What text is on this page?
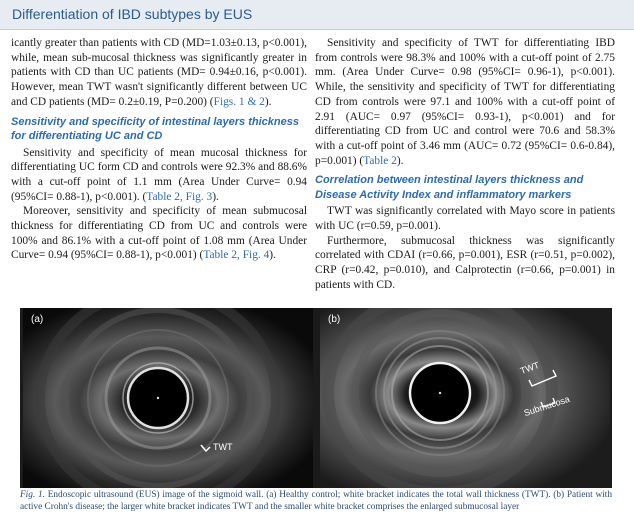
Differentiation of IBD subtypes by EUS

icantly greater than patients with CD (MD=1.03±0.13, p<0.001), while, mean sub-mucosal thickness was significantly greater in patients with CD than UC patients (MD= 0.94±0.16, p<0.001). However, mean TWT wasn't significantly different between UC and CD patients (MD= 0.2±0.19, P=0.200) (Figs. 1 & 2).

Sensitivity and specificity of intestinal layers thickness for differentiating UC and CD

Sensitivity and specificity of mean mucosal thickness for differentiating UC form CD and controls were 92.3% and 88.6% with a cut-off point of 1.1 mm (Area Under Curve= 0.94 (95%CI= 0.88-1), p<0.001). (Table 2, Fig. 3).

Moreover, sensitivity and specificity of mean submucosal thickness for differentiating CD from UC and controls were 100% and 86.1% with a cut-off point of 1.08 mm (Area Under Curve= 0.94 (95%CI= 0.88-1), p<0.001) (Table 2, Fig. 4).

Sensitivity and specificity of TWT for differentiating IBD from controls were 98.3% and 100% with a cut-off point of 2.75 mm. (Area Under Curve= 0.98 (95%CI= 0.96-1), p<0.001). While, the sensitivity and specificity of TWT for differentiating CD from controls were 97.1 and 100% with a cut-off point of 2.91 (AUC= 0.97 (95%CI= 0.93-1), p<0.001) and for differentiating CD from UC and control were 70.6 and 58.3% with a cut-off point of 3.46 mm (AUC= 0.72 (95%CI= 0.6-0.84), p=0.001) (Table 2).

Correlation between intestinal layers thickness and Disease Activity Index and inflammatory markers

TWT was significantly correlated with Mayo score in patients with UC (r=0.59, p=0.001).

Furthermore, submucosal thickness was significantly correlated with CDAI (r=0.66, p=0.001), ESR (r=0.51, p=0.002), CRP (r=0.42, p=0.010), and Calprotectin (r=0.66, p=0.001) in patients with CD.

(a)
TWT
(b)
TWT
Submucosa
Fig. 1. Endoscopic ultrasound (EUS) image of the sigmoid wall. (a) Healthy control; white bracket indicates the total wall thickness (TWT). (b) Patient with active Crohn's disease; the larger white bracket indicates TWT and the smaller white bracket comprises the enlarged submucosal layer
